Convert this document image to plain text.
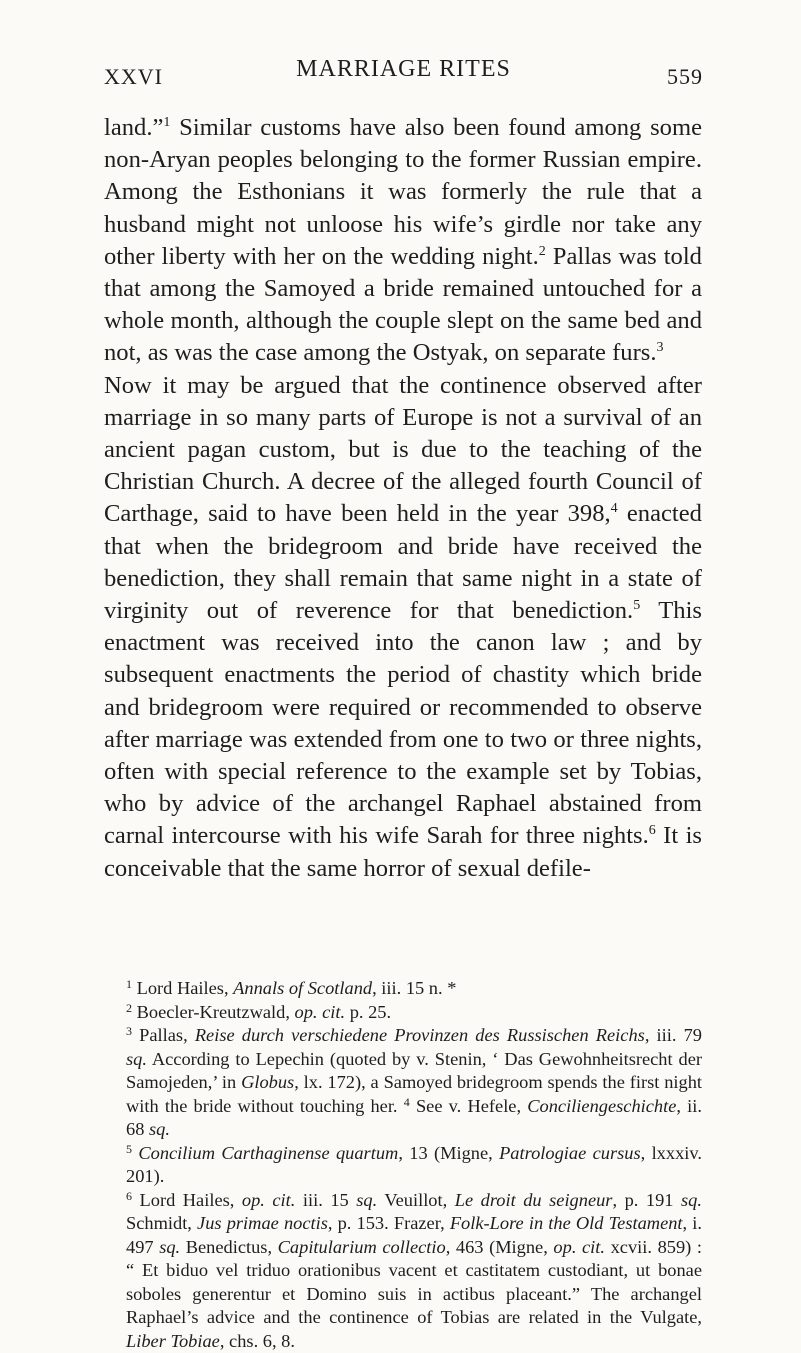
XXVI	MARRIAGE RITES	559

land.”$^1$ Similar customs have also been found among some non-Aryan peoples belonging to the former Russian empire. Among the Esthonians it was formerly the rule that a husband might not unloose his wife’s girdle nor take any other liberty with her on the wedding night.$^2$ Pallas was told that among the Samoyed a bride remained untouched for a whole month, although the couple slept on the same bed and not, as was the case among the Ostyak, on separate furs.$^3$

Now it may be argued that the continence observed after marriage in so many parts of Europe is not a survival of an ancient pagan custom, but is due to the teaching of the Christian Church. A decree of the alleged fourth Council of Carthage, said to have been held in the year 398,$^4$ enacted that when the bridegroom and bride have received the benediction, they shall remain that same night in a state of virginity out of reverence for that benediction.$^5$ This enactment was received into the canon law ; and by subsequent enactments the period of chastity which bride and bridegroom were required or recommended to observe after marriage was extended from one to two or three nights, often with special reference to the example set by Tobias, who by advice of the archangel Raphael abstained from carnal intercourse with his wife Sarah for three nights.$^6$ It is conceivable that the same horror of sexual defile-

$^1$ Lord Hailes, Annals of Scotland, iii. 15 n. *

$^2$ Boecler-Kreutzwald, op. cit. p. 25.

$^3$ Pallas, Reise durch verschiedene Provinzen des Russischen Reichs, iii. 79 sq. According to Lepechin (quoted by v. Stenin, ‘ Das Gewohnheitsrecht der Samojeden,’ in Globus, lx. 172), a Samoyed bridegroom spends the first night with the bride without touching her. $^4$ See v. Hefele, Conciliengeschichte, ii. 68 sq.

$^5$ Concilium Carthaginense quartum, 13 (Migne, Patrologiae cursus, lxxxiv. 201).

$^6$ Lord Hailes, op. cit. iii. 15 sq. Veuillot, Le droit du seigneur, p. 191 sq. Schmidt, Jus primae noctis, p. 153. Frazer, Folk-Lore in the Old Testament, i. 497 sq. Benedictus, Capitularium collectio, 463 (Migne, op. cit. xcvii. 859) : “ Et biduo vel triduo orationibus vacent et castitatem custodiant, ut bonae soboles generentur et Domino suis in actibus placeant.” The archangel Raphael’s advice and the continence of Tobias are related in the Vulgate, Liber Tobiae, chs. 6, 8.
